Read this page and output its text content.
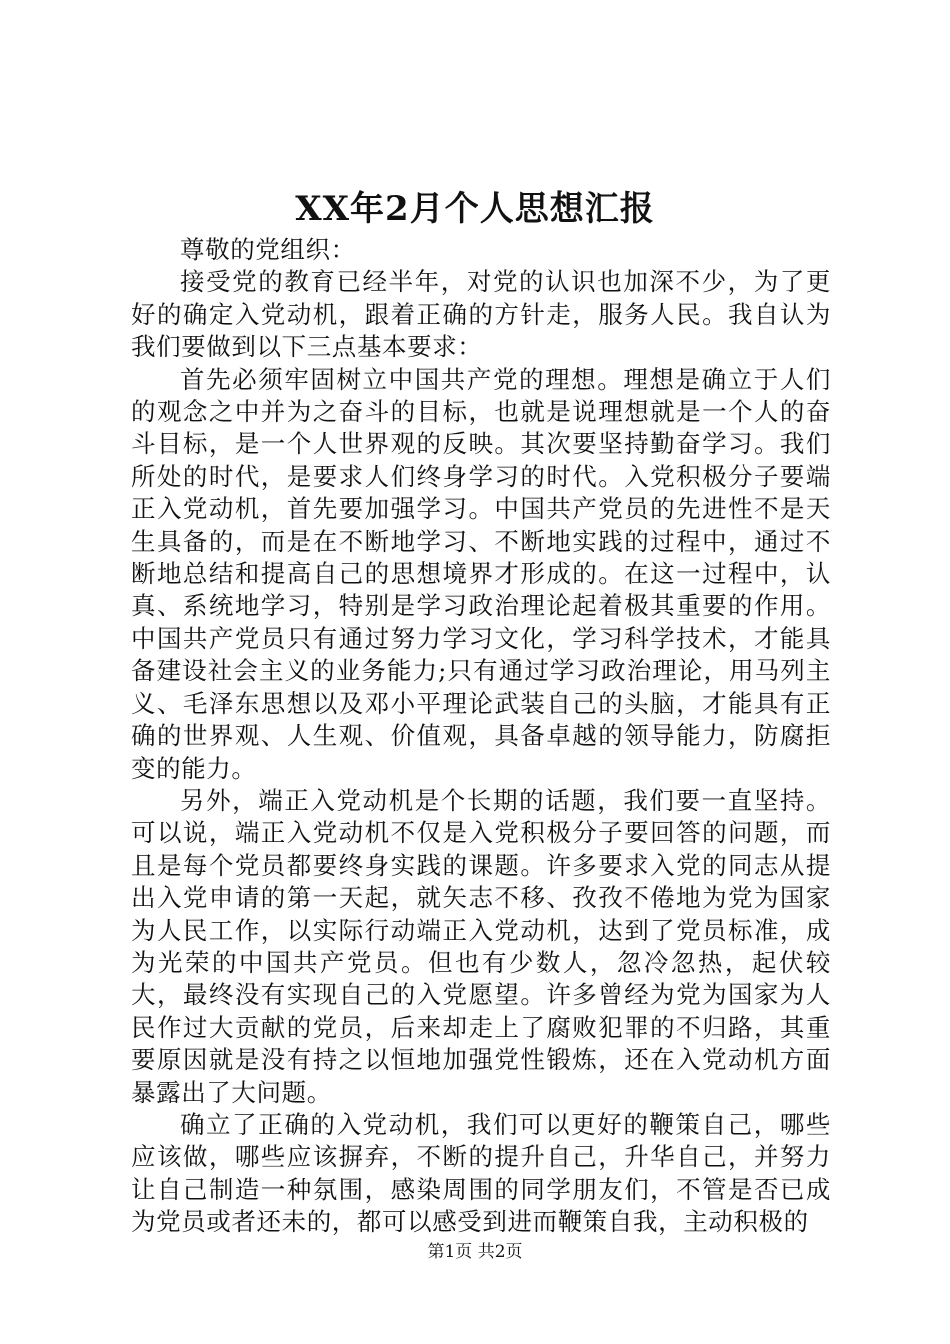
XX年2月个人思想汇报

尊敬的党组织：

接受党的教育已经半年，对党的认识也加深不少，为了更好的确定入党动机，跟着正确的方针走，服务人民。我自认为我们要做到以下三点基本要求：

首先必须牢固树立中国共产党的理想。理想是确立于人们的观念之中并为之奋斗的目标，也就是说理想就是一个人的奋斗目标，是一个人世界观的反映。其次要坚持勤奋学习。我们所处的时代，是要求人们终身学习的时代。入党积极分子要端正入党动机，首先要加强学习。中国共产党员的先进性不是天生具备的，而是在不断地学习、不断地实践的过程中，通过不断地总结和提高自己的思想境界才形成的。在这一过程中，认真、系统地学习，特别是学习政治理论起着极其重要的作用。中国共产党员只有通过努力学习文化，学习科学技术，才能具备建设社会主义的业务能力;只有通过学习政治理论，用马列主义、毛泽东思想以及邓小平理论武装自己的头脑，才能具有正确的世界观、人生观、价值观，具备卓越的领导能力，防腐拒变的能力。

另外，端正入党动机是个长期的话题，我们要一直坚持。可以说，端正入党动机不仅是入党积极分子要回答的问题，而且是每个党员都要终身实践的课题。许多要求入党的同志从提出入党申请的第一天起，就矢志不移、孜孜不倦地为党为国家为人民工作，以实际行动端正入党动机，达到了党员标准，成为光荣的中国共产党员。但也有少数人，忽冷忽热，起伏较大，最终没有实现自己的入党愿望。许多曾经为党为国家为人民作过大贡献的党员，后来却走上了腐败犯罪的不归路，其重要原因就是没有持之以恒地加强党性锻炼，还在入党动机方面暴露出了大问题。

确立了正确的入党动机，我们可以更好的鞭策自己，哪些应该做，哪些应该摒弃，不断的提升自己，升华自己，并努力让自己制造一种氛围，感染周围的同学朋友们，不管是否已成为党员或者还未的，都可以感受到进而鞭策自我，主动积极的

第1页 共2页
